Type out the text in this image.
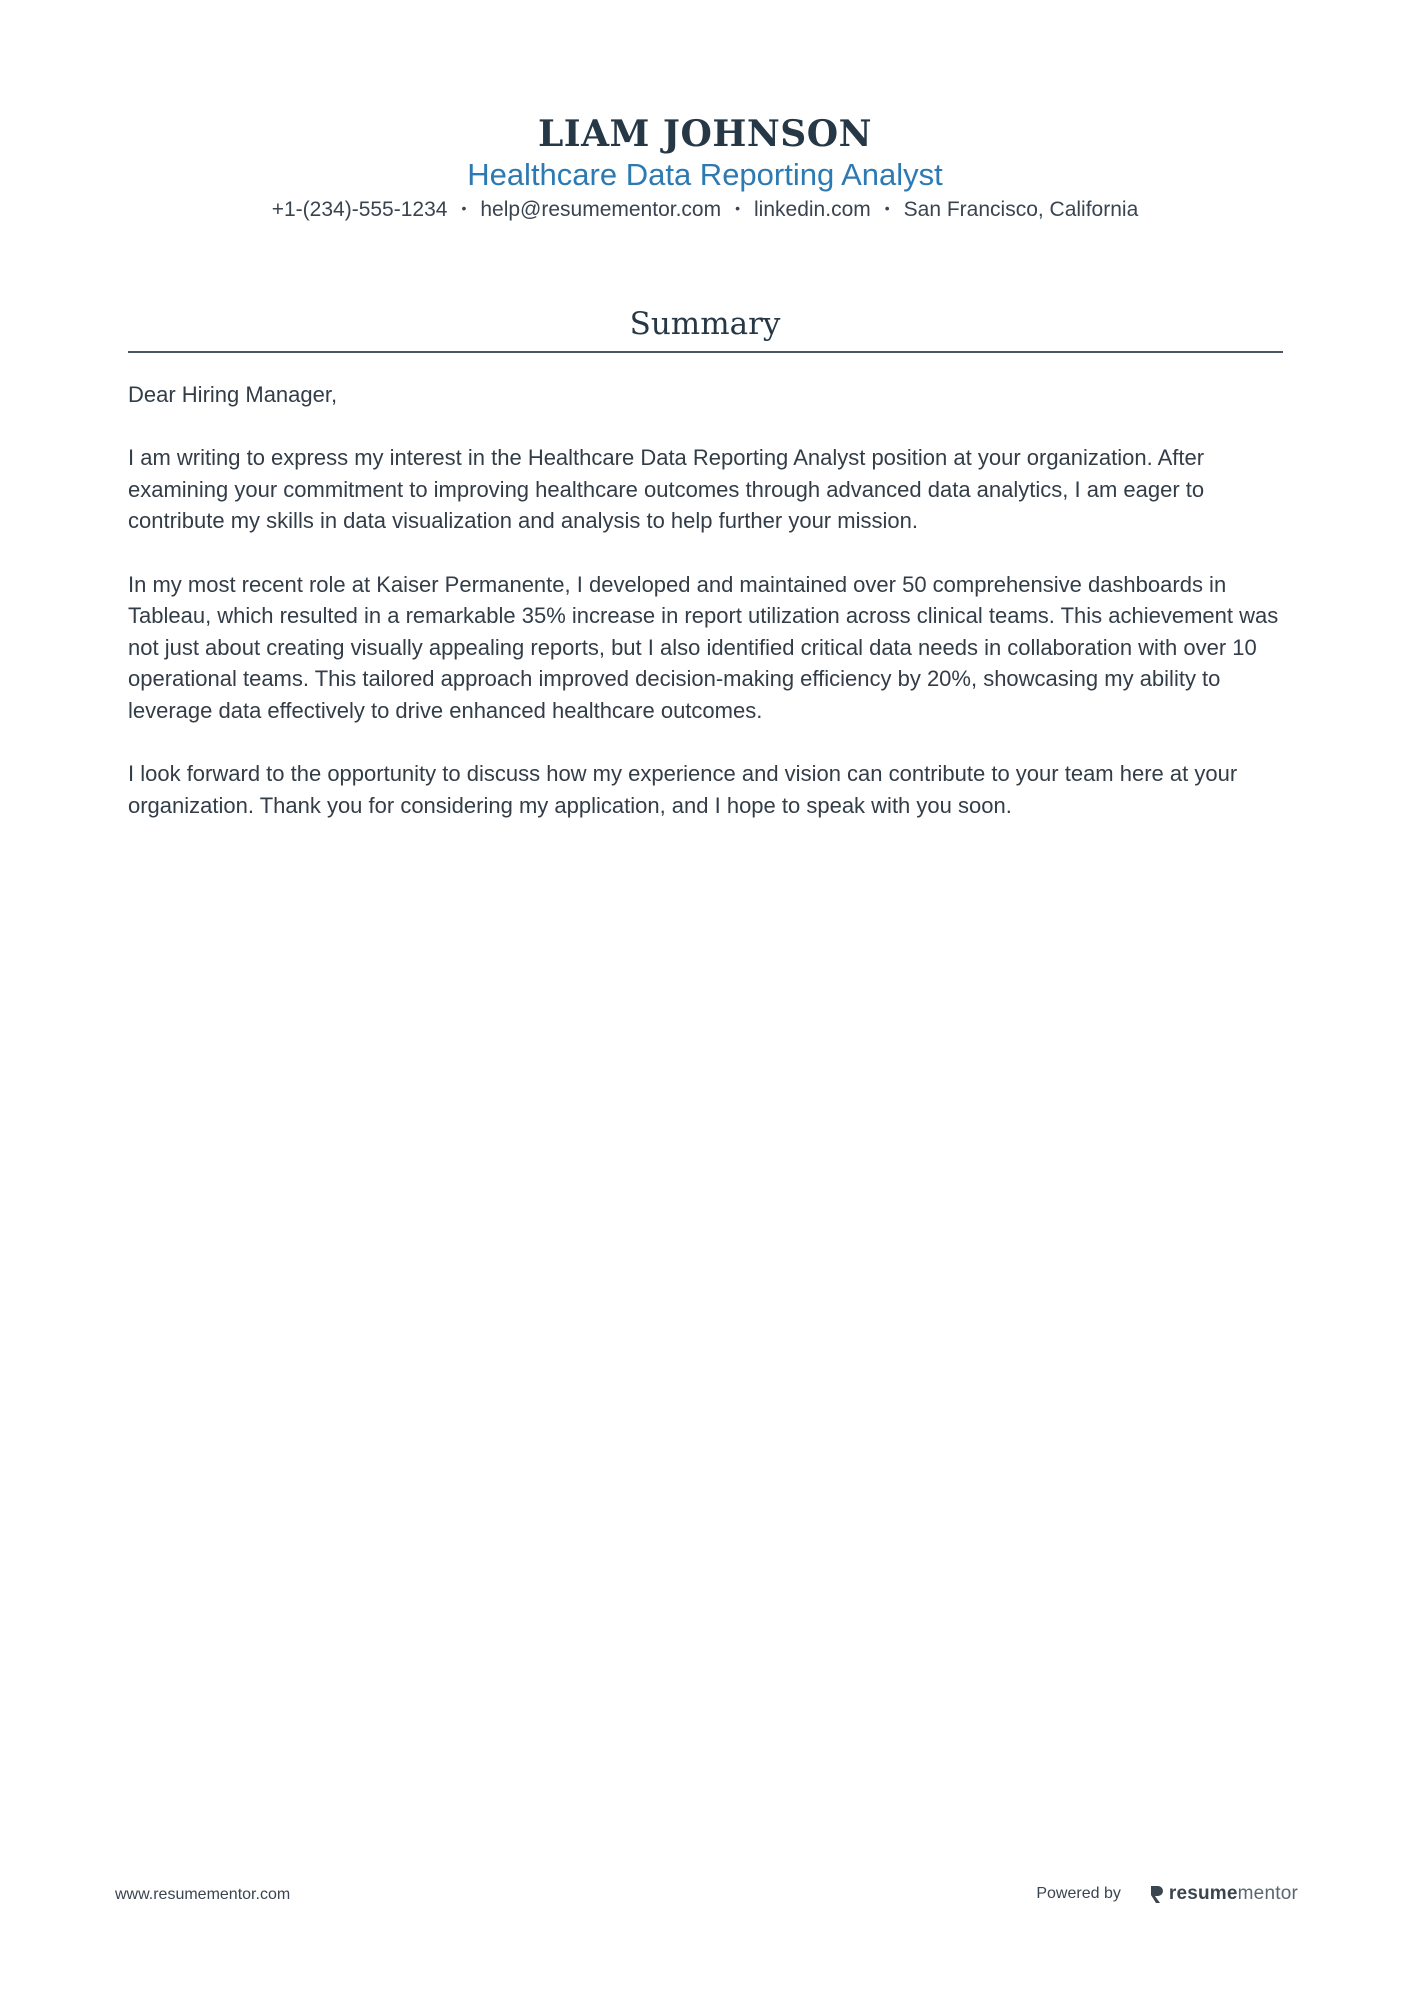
LIAM JOHNSON
Healthcare Data Reporting Analyst
+1-(234)-555-1234 • help@resumementor.com • linkedin.com • San Francisco, California
Summary

Dear Hiring Manager,

I am writing to express my interest in the Healthcare Data Reporting Analyst position at your organization. After examining your commitment to improving healthcare outcomes through advanced data analytics, I am eager to contribute my skills in data visualization and analysis to help further your mission.

In my most recent role at Kaiser Permanente, I developed and maintained over 50 comprehensive dashboards in Tableau, which resulted in a remarkable 35% increase in report utilization across clinical teams. This achievement was not just about creating visually appealing reports, but I also identified critical data needs in collaboration with over 10 operational teams. This tailored approach improved decision-making efficiency by 20%, showcasing my ability to leverage data effectively to drive enhanced healthcare outcomes.

I look forward to the opportunity to discuss how my experience and vision can contribute to your team here at your organization. Thank you for considering my application, and I hope to speak with you soon.

www.resumementor.com	Powered by	resumementor
